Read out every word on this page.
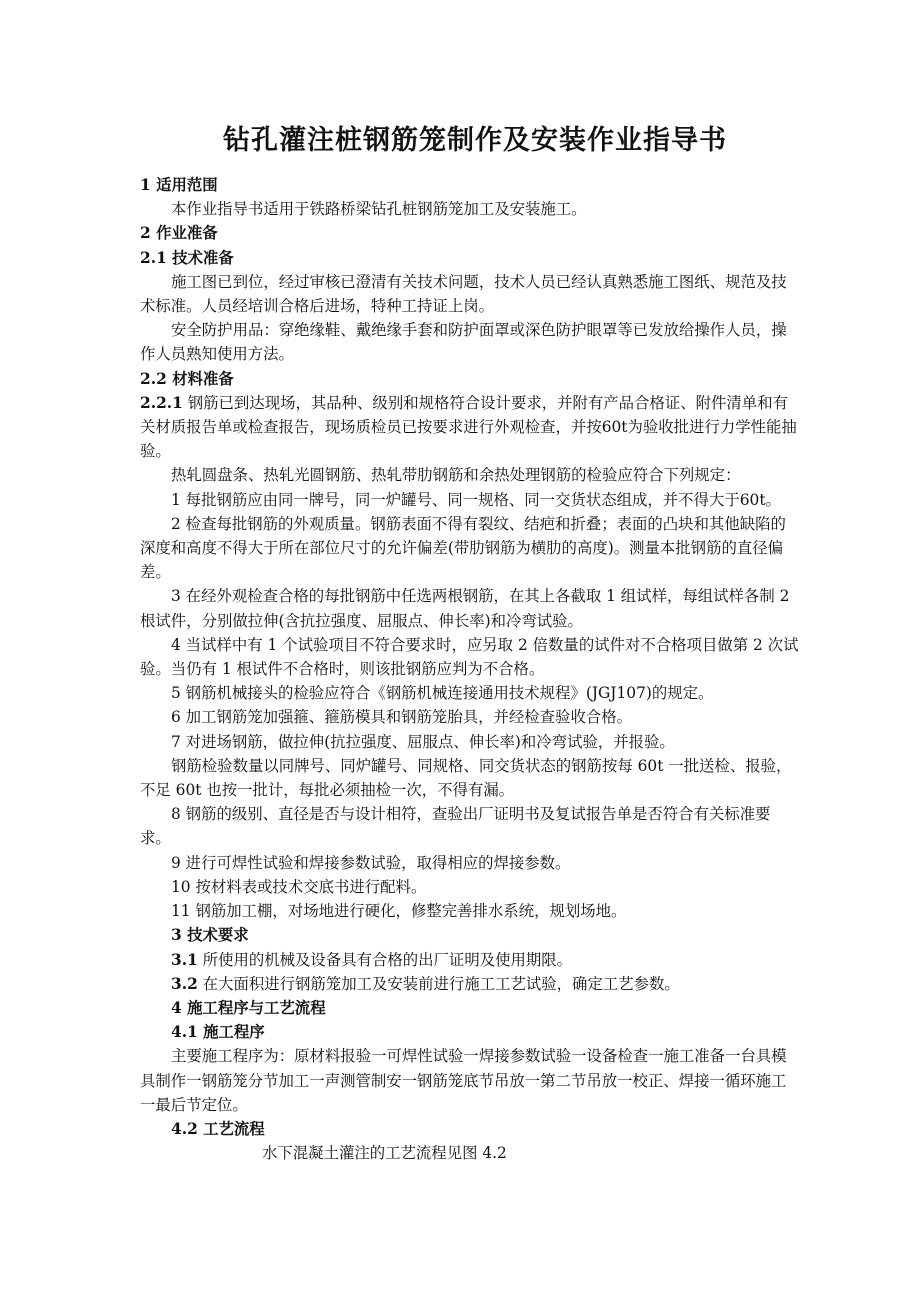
钻孔灌注桩钢筋笼制作及安装作业指导书

1 适用范围

本作业指导书适用于铁路桥梁钻孔桩钢筋笼加工及安装施工。

2 作业准备

2.1 技术准备

施工图已到位，经过审核已澄清有关技术问题，技术人员已经认真熟悉施工图纸、规范及技术标准。人员经培训合格后进场，特种工持证上岗。

安全防护用品：穿绝缘鞋、戴绝缘手套和防护面罩或深色防护眼罩等已发放给操作人员，操作人员熟知使用方法。

2.2 材料准备

2.2.1 钢筋已到达现场，其品种、级别和规格符合设计要求，并附有产品合格证、附件清单和有关材质报告单或检查报告，现场质检员已按要求进行外观检查，并按60t为验收批进行力学性能抽验。

热轧圆盘条、热轧光圆钢筋、热轧带肋钢筋和余热处理钢筋的检验应符合下列规定：

1 每批钢筋应由同一牌号，同一炉罐号、同一规格、同一交货状态组成，并不得大于60t。

2 检查每批钢筋的外观质量。钢筋表面不得有裂纹、结疤和折叠；表面的凸块和其他缺陷的深度和高度不得大于所在部位尺寸的允许偏差(带肋钢筋为横肋的高度)。测量本批钢筋的直径偏差。

3 在经外观检查合格的每批钢筋中任选两根钢筋，在其上各截取 1 组试样，每组试样各制 2 根试件，分别做拉伸(含抗拉强度、屈服点、伸长率)和冷弯试验。

4 当试样中有 1 个试验项目不符合要求时，应另取 2 倍数量的试件对不合格项目做第 2 次试验。当仍有 1 根试件不合格时，则该批钢筋应判为不合格。

5 钢筋机械接头的检验应符合《钢筋机械连接通用技术规程》(JGJ107)的规定。

6 加工钢筋笼加强箍、箍筋模具和钢筋笼胎具，并经检查验收合格。

7 对进场钢筋，做拉伸(抗拉强度、屈服点、伸长率)和冷弯试验，并报验。

钢筋检验数量以同牌号、同炉罐号、同规格、同交货状态的钢筋按每 60t 一批送检、报验，不足 60t 也按一批计，每批必须抽检一次，不得有漏。

8 钢筋的级别、直径是否与设计相符，查验出厂证明书及复试报告单是否符合有关标准要求。

9 进行可焊性试验和焊接参数试验，取得相应的焊接参数。

10 按材料表或技术交底书进行配料。

11 钢筋加工棚，对场地进行硬化，修整完善排水系统，规划场地。

3 技术要求

3.1 所使用的机械及设备具有合格的出厂证明及使用期限。

3.2 在大面积进行钢筋笼加工及安装前进行施工工艺试验，确定工艺参数。

4 施工程序与工艺流程

4.1 施工程序

主要施工程序为：原材料报验一可焊性试验一焊接参数试验一设备检查一施工准备一台具模具制作一钢筋笼分节加工一声测管制安一钢筋笼底节吊放一第二节吊放一校正、焊接一循环施工一最后节定位。

4.2 工艺流程

水下混凝土灌注的工艺流程见图 4.2
